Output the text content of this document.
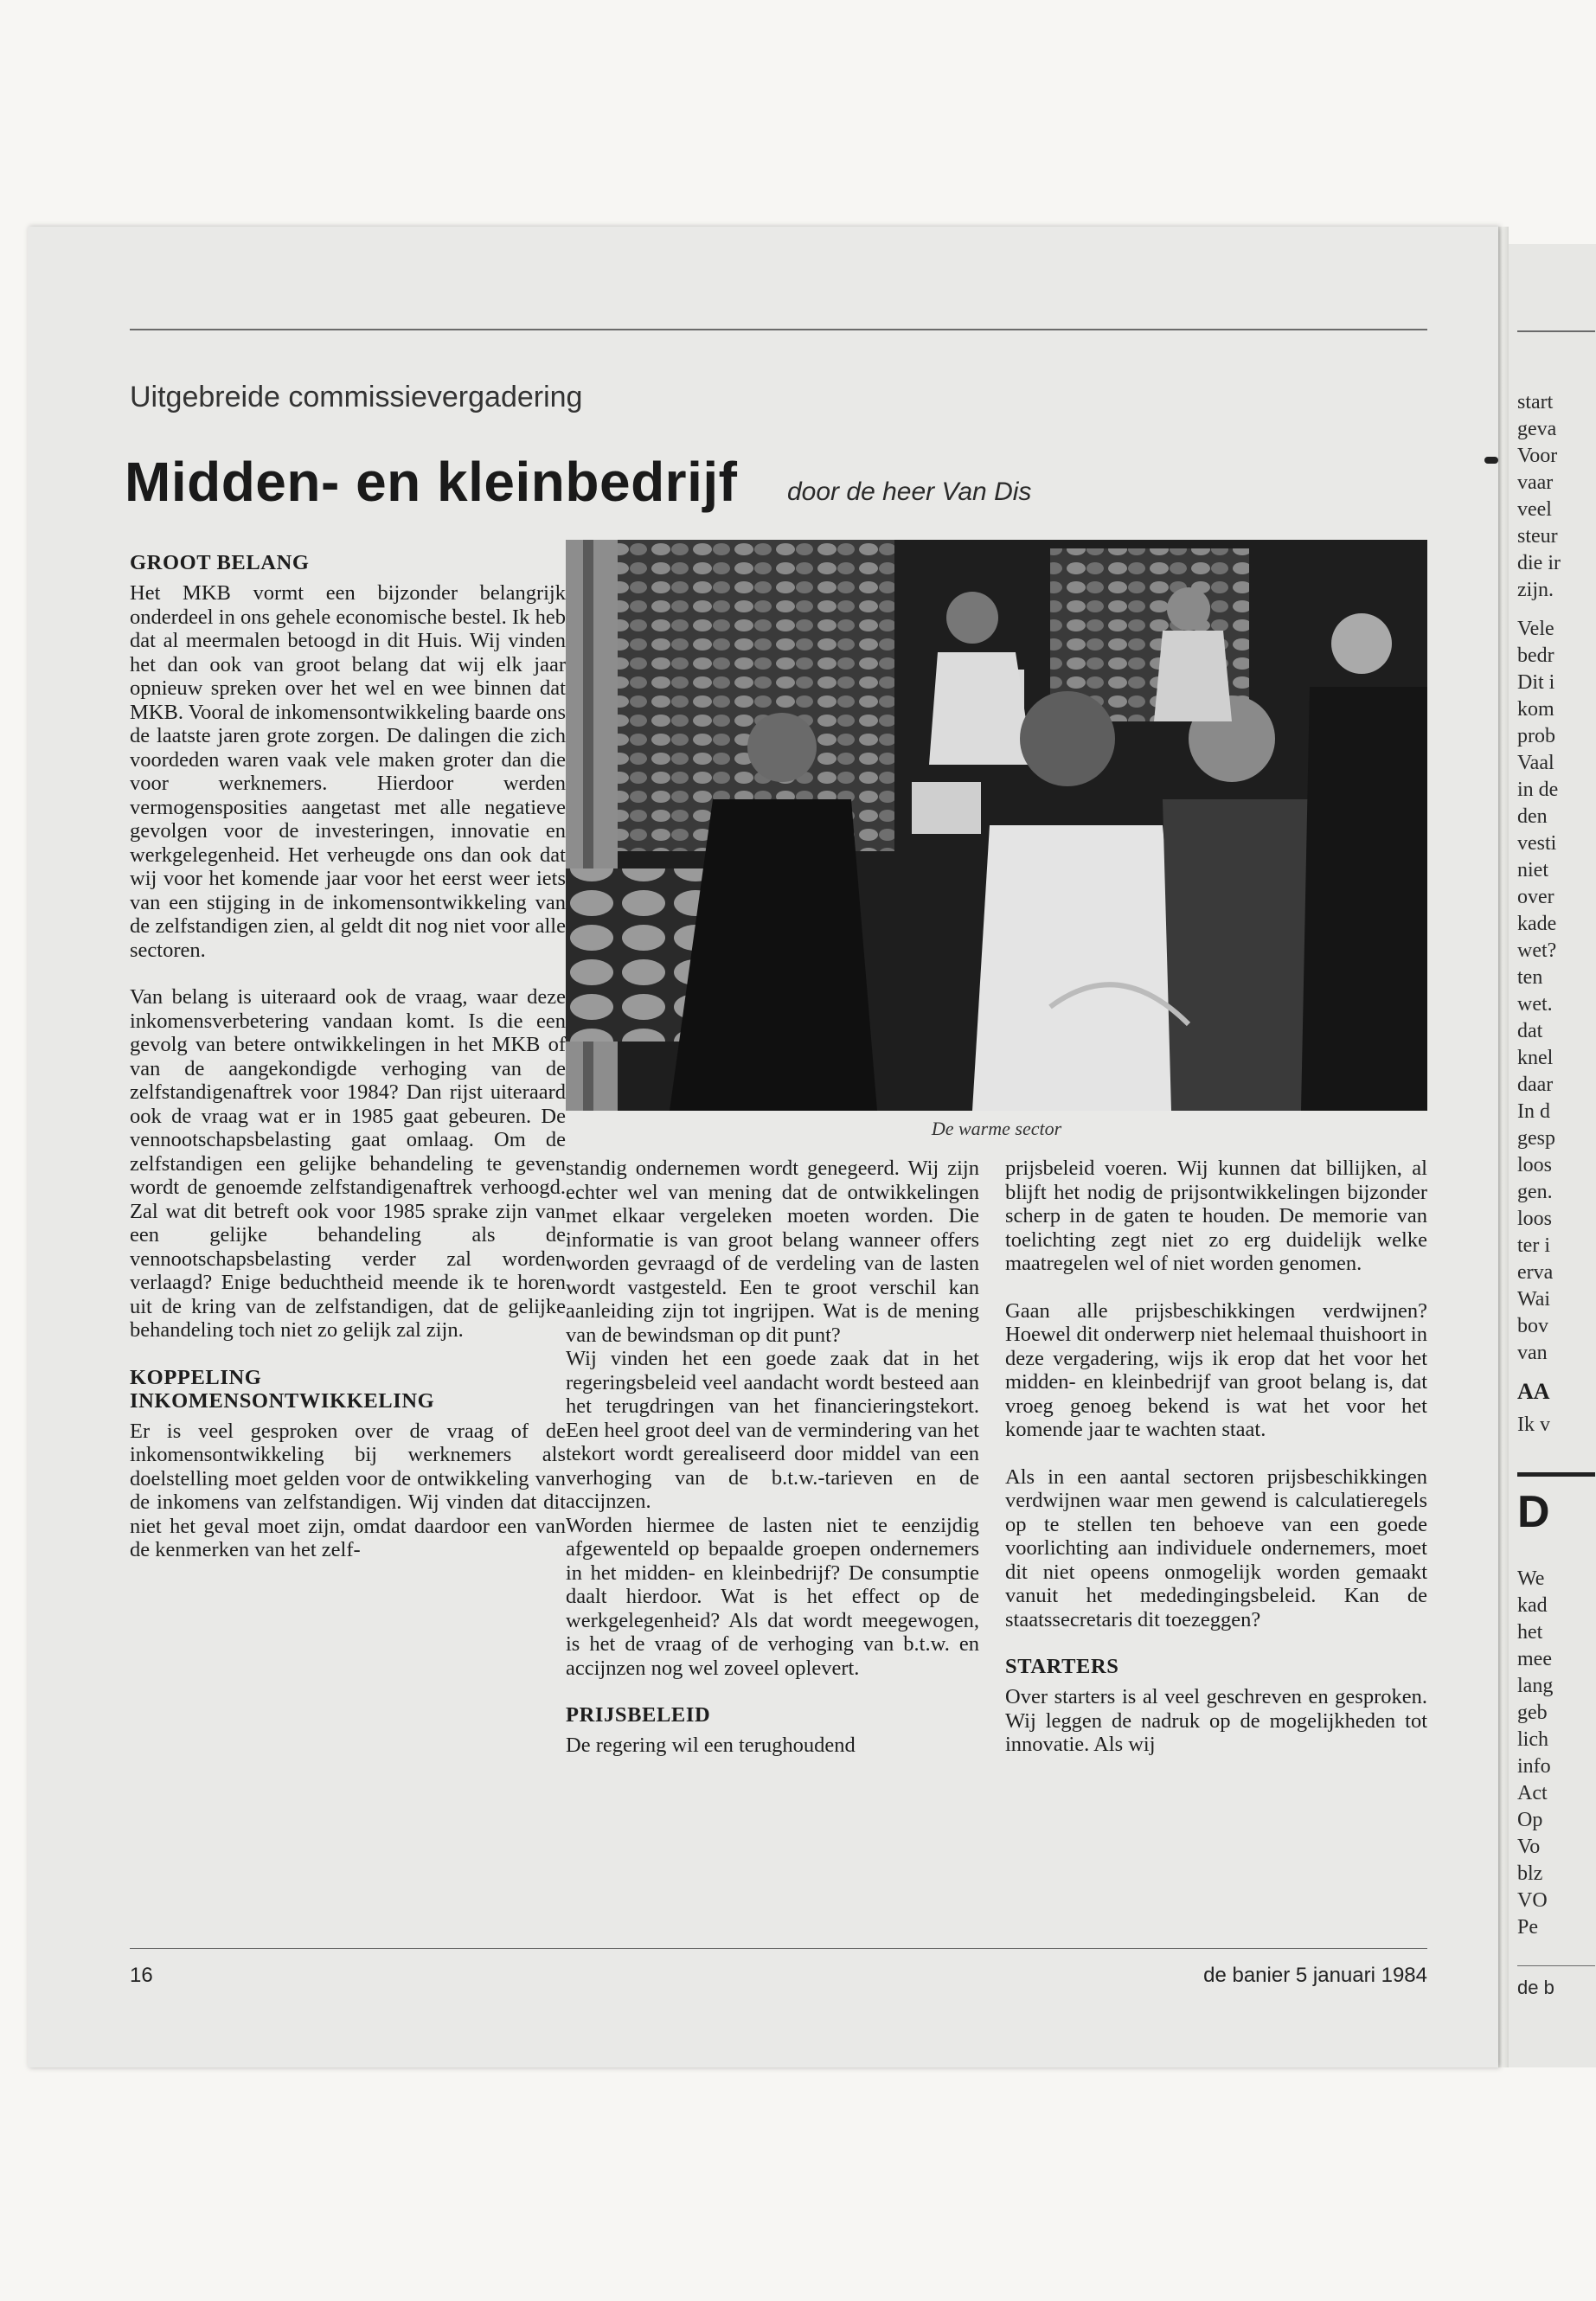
start
geva
Voor
vaar
veel
steur
die ir
zijn.
Vele
bedr
Dit i
kom
prob
Vaal
in de
den
vesti
niet
over
kade
wet?
ten
wet.
dat
knel
daar
In d
gesp
loos
gen.
loos
ter i
erva
Wai
bov
van
AA
Ik v
D
We
kad
het
mee
lang
geb
lich
info
Act
Op
Vo
blz
VO
Pe
de b
Uitgebreide commissievergadering
Midden- en kleinbedrijf door de heer Van Dis
GROOT BELANG

Het MKB vormt een bijzonder belangrijk onderdeel in ons gehele economische bestel. Ik heb dat al meermalen betoogd in dit Huis. Wij vinden het dan ook van groot belang dat wij elk jaar opnieuw spreken over het wel en wee binnen dat MKB. Vooral de inkomensontwikkeling baarde ons de laatste jaren grote zorgen. De dalingen die zich voordeden waren vaak vele maken groter dan die voor werknemers. Hierdoor werden vermogensposities aangetast met alle negatieve gevolgen voor de investeringen, innovatie en werkgelegenheid. Het verheugde ons dan ook dat wij voor het komende jaar voor het eerst weer iets van een stijging in de inkomensontwikkeling van de zelfstandigen zien, al geldt dit nog niet voor alle sectoren.

Van belang is uiteraard ook de vraag, waar deze inkomensverbetering vandaan komt. Is die een gevolg van betere ontwikkelingen in het MKB of van de aangekondigde verhoging van de zelfstandigenaftrek voor 1984? Dan rijst uiteraard ook de vraag wat er in 1985 gaat gebeuren. De vennootschapsbelasting gaat omlaag. Om de zelfstandigen een gelijke behandeling te geven wordt de genoemde zelfstandigenaftrek verhoogd. Zal wat dit betreft ook voor 1985 sprake zijn van een gelijke behandeling als de vennootschapsbelasting verder zal worden verlaagd? Enige beduchtheid meende ik te horen uit de kring van de zelfstandigen, dat de gelijke behandeling toch niet zo gelijk zal zijn.

KOPPELING INKOMENSONTWIKKELING

Er is veel gesproken over de vraag of de inkomensontwikkeling bij werknemers als doelstelling moet gelden voor de ontwikkeling van de inkomens van zelfstandigen. Wij vinden dat dit niet het geval moet zijn, omdat daardoor een van de kenmerken van het zelf-

De warme sector

standig ondernemen wordt genegeerd. Wij zijn echter wel van mening dat de ontwikkelingen met elkaar vergeleken moeten worden. Die informatie is van groot belang wanneer offers worden gevraagd of de verdeling van de lasten wordt vastgesteld. Een te groot verschil kan aanleiding zijn tot ingrijpen. Wat is de mening van de bewindsman op dit punt?

Wij vinden het een goede zaak dat in het regeringsbeleid veel aandacht wordt besteed aan het terugdringen van het financieringstekort. Een heel groot deel van de vermindering van het tekort wordt gerealiseerd door middel van een verhoging van de b.t.w.-tarieven en de accijnzen.

Worden hiermee de lasten niet te eenzijdig afgewenteld op bepaalde groepen ondernemers in het midden- en kleinbedrijf? De consumptie daalt hierdoor. Wat is het effect op de werkgelegenheid? Als dat wordt meegewogen, is het de vraag of de verhoging van b.t.w. en accijnzen nog wel zoveel oplevert.

PRIJSBELEID

De regering wil een terughoudend

prijsbeleid voeren. Wij kunnen dat billijken, al blijft het nodig de prijsontwikkelingen bijzonder scherp in de gaten te houden. De memorie van toelichting zegt niet zo erg duidelijk welke maatregelen wel of niet worden genomen.

Gaan alle prijsbeschikkingen verdwijnen? Hoewel dit onderwerp niet helemaal thuishoort in deze vergadering, wijs ik erop dat het voor het midden- en kleinbedrijf van groot belang is, dat vroeg genoeg bekend is wat het voor het komende jaar te wachten staat.

Als in een aantal sectoren prijsbeschikkingen verdwijnen waar men gewend is calculatieregels op te stellen ten behoeve van een goede voorlichting aan individuele ondernemers, moet dit niet opeens onmogelijk worden gemaakt vanuit het mededingingsbeleid. Kan de staatssecretaris dit toezeggen?

STARTERS

Over starters is al veel geschreven en gesproken. Wij leggen de nadruk op de mogelijkheden tot innovatie. Als wij

16	de banier 5 januari 1984
